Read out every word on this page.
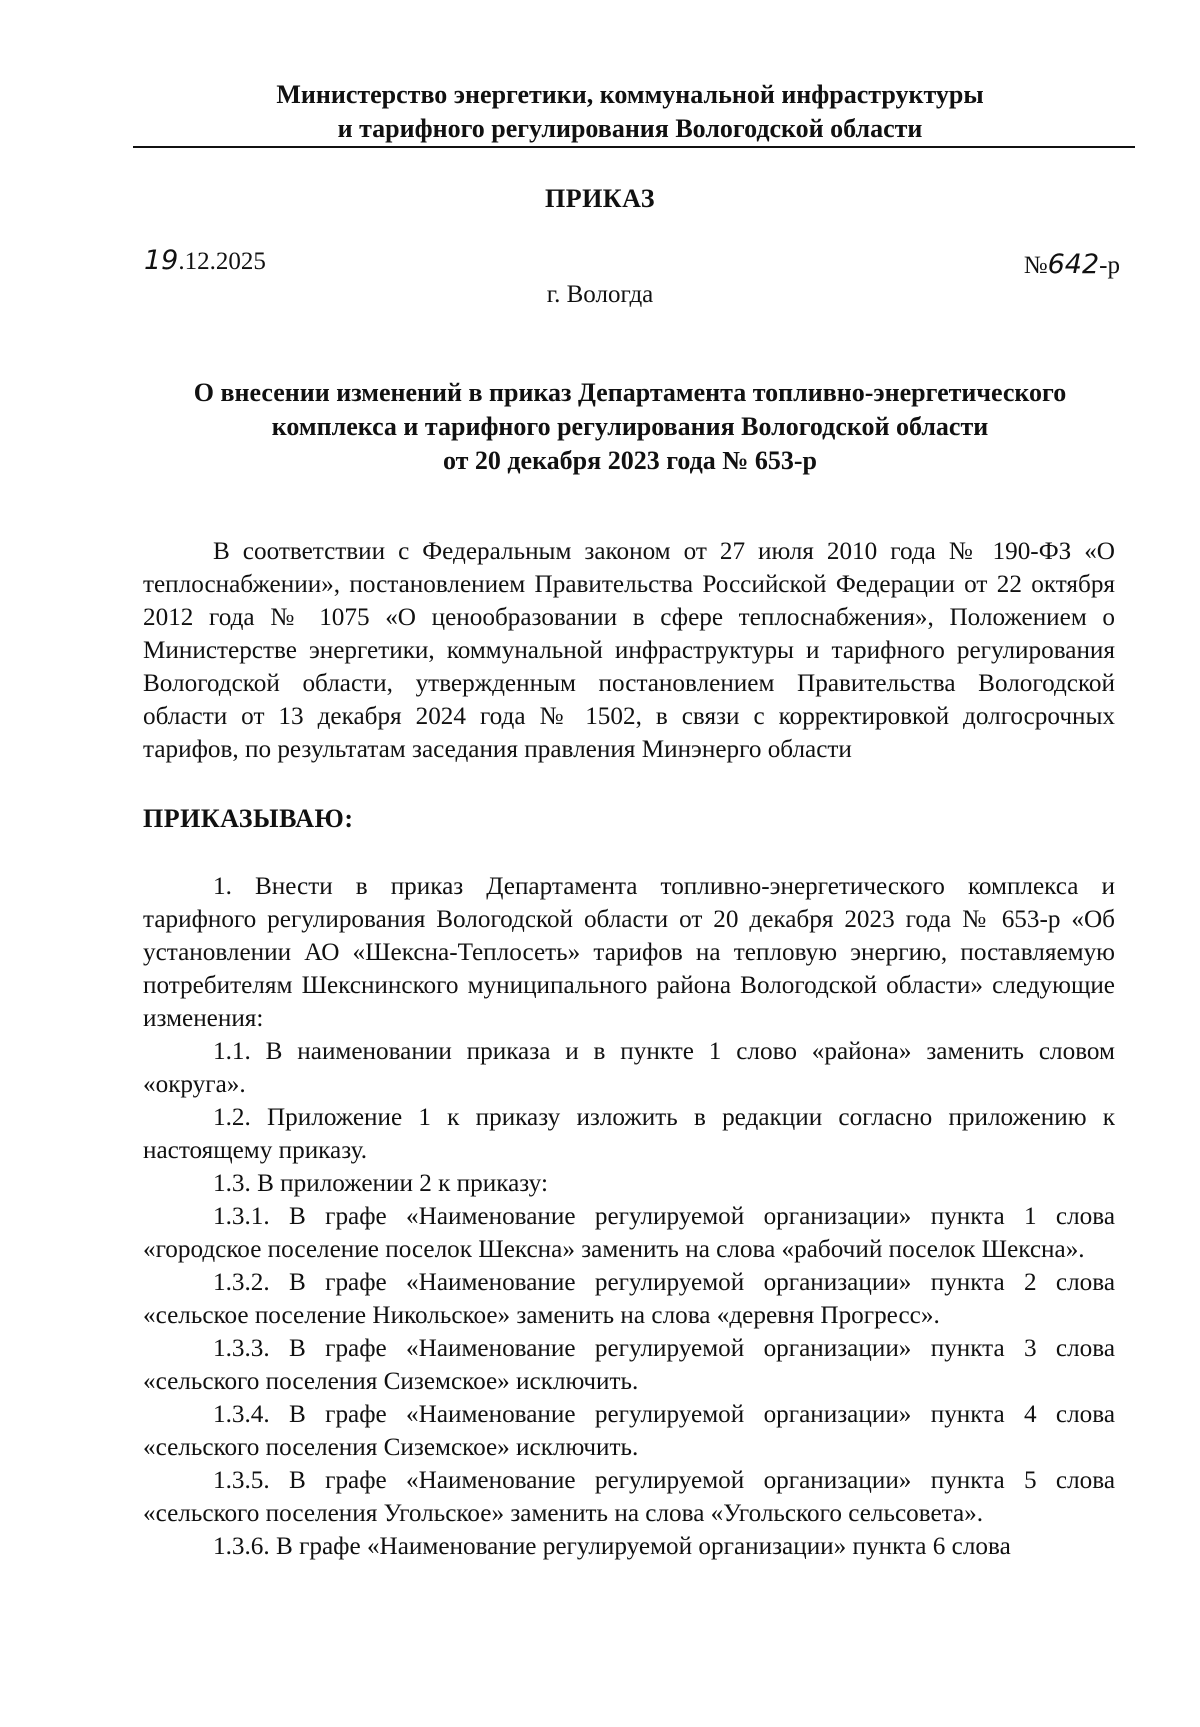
Министерство энергетики, коммунальной инфраструктуры
и тарифного регулирования Вологодской области
ПРИКАЗ
19.12.2025	№642-р
г. Вологда
О внесении изменений в приказ Департамента топливно-энергетического
комплекса и тарифного регулирования Вологодской области
от 20 декабря 2023 года № 653-р

В соответствии с Федеральным законом от 27 июля 2010 года № 190-ФЗ «О теплоснабжении», постановлением Правительства Российской Федерации от 22 октября 2012 года № 1075 «О ценообразовании в сфере теплоснабжения», Положением о Министерстве энергетики, коммунальной инфраструктуры и тарифного регулирования Вологодской области, утвержденным постановлением Правительства Вологодской области от 13 декабря 2024 года № 1502, в связи с корректировкой долгосрочных тарифов, по результатам заседания правления Минэнерго области

ПРИКАЗЫВАЮ:

1. Внести в приказ Департамента топливно-энергетического комплекса и тарифного регулирования Вологодской области от 20 декабря 2023 года № 653-р «Об установлении АО «Шексна-Теплосеть» тарифов на тепловую энергию, поставляемую потребителям Шекснинского муниципального района Вологодской области» следующие изменения:

1.1. В наименовании приказа и в пункте 1 слово «района» заменить словом «округа».

1.2. Приложение 1 к приказу изложить в редакции согласно приложению к настоящему приказу.

1.3. В приложении 2 к приказу:

1.3.1. В графе «Наименование регулируемой организации» пункта 1 слова «городское поселение поселок Шексна» заменить на слова «рабочий поселок Шексна».

1.3.2. В графе «Наименование регулируемой организации» пункта 2 слова «сельское поселение Никольское» заменить на слова «деревня Прогресс».

1.3.3. В графе «Наименование регулируемой организации» пункта 3 слова «сельского поселения Сиземское» исключить.

1.3.4. В графе «Наименование регулируемой организации» пункта 4 слова «сельского поселения Сиземское» исключить.

1.3.5. В графе «Наименование регулируемой организации» пункта 5 слова «сельского поселения Угольское» заменить на слова «Угольского сельсовета».

1.3.6. В графе «Наименование регулируемой организации» пункта 6 слова
